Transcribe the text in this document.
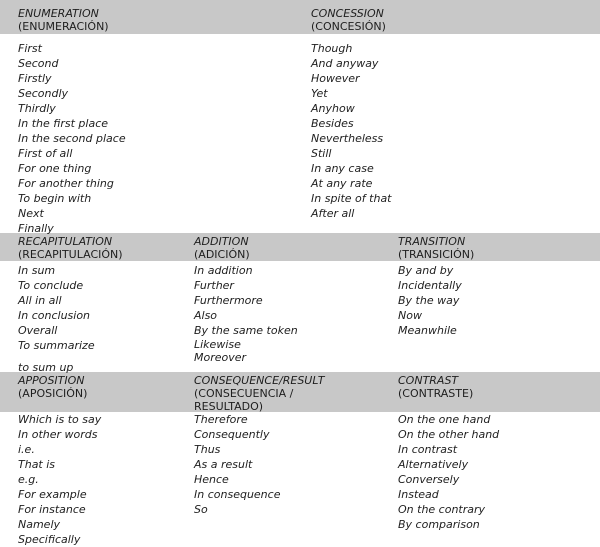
ENUMERATION
(ENUMERACIÓN)
First
Second
Firstly
Secondly
Thirdly
In the first place
In the second place
First of all
For one thing
For another thing
To begin with
Next
Finally
CONCESSION
(CONCESIÓN)
Though
And anyway
However
Yet
Anyhow
Besides
Nevertheless
Still
In any case
At any rate
In spite of that
After all
RECAPITULATION
(RECAPITULACIÓN)
In sum
To conclude
All in all
In conclusion
Overall
To summarize
to sum up
ADDITION
(ADICIÓN)
In addition
Further
Furthermore
Also
By the same token
Likewise
Moreover
TRANSITION
(TRANSICIÓN)
By and by
Incidentally
By the way
Now
Meanwhile
APPOSITION
(APOSICIÓN)
Which is to say
In other words
i.e.
That is
e.g.
For example
For instance
Namely
Specifically
CONSEQUENCE/RESULT
(CONSECUENCIA /
RESULTADO)
Therefore
Consequently
Thus
As a result
Hence
In consequence
So
CONTRAST
(CONTRASTE)
On the one hand
On the other hand
In contrast
Alternatively
Conversely
Instead
On the contrary
By comparison
